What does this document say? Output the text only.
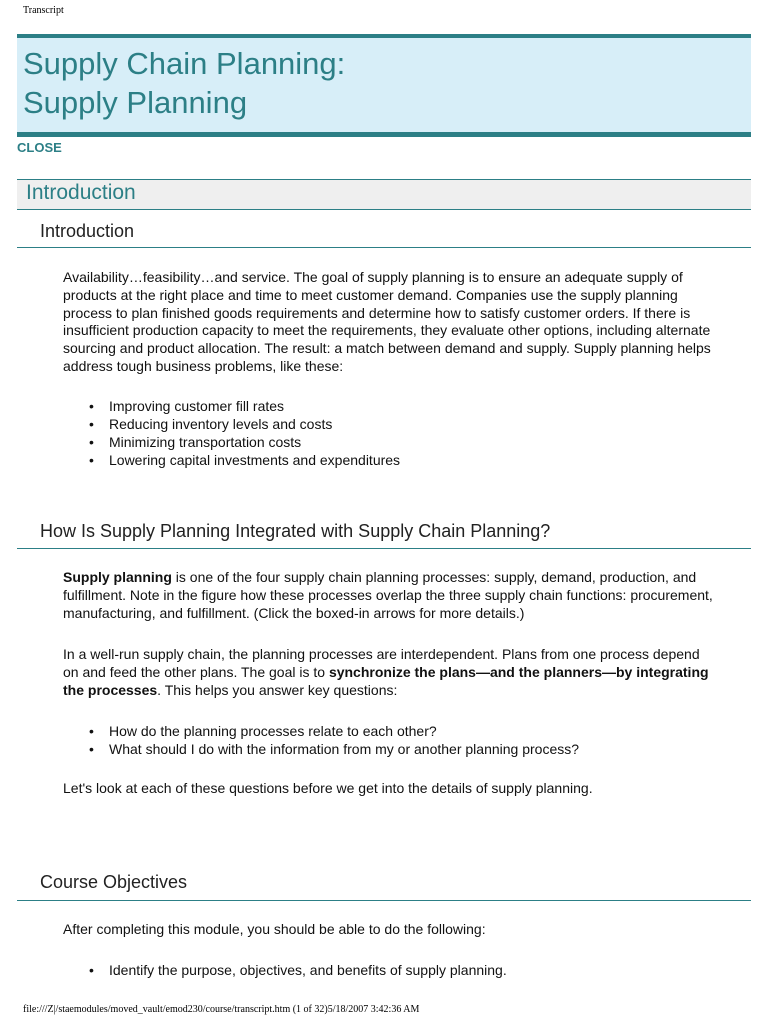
Transcript
Supply Chain Planning:
Supply Planning
CLOSE
Introduction
Introduction

Availability…feasibility…and service. The goal of supply planning is to ensure an adequate supply of products at the right place and time to meet customer demand. Companies use the supply planning process to plan finished goods requirements and determine how to satisfy customer orders. If there is insufficient production capacity to meet the requirements, they evaluate other options, including alternate sourcing and product allocation. The result: a match between demand and supply. Supply planning helps address tough business problems, like these:

• Improving customer fill rates
• Reducing inventory levels and costs
• Minimizing transportation costs
• Lowering capital investments and expenditures
How Is Supply Planning Integrated with Supply Chain Planning?

Supply planning is one of the four supply chain planning processes: supply, demand, production, and fulfillment. Note in the figure how these processes overlap the three supply chain functions: procurement, manufacturing, and fulfillment. (Click the boxed-in arrows for more details.)

In a well-run supply chain, the planning processes are interdependent. Plans from one process depend on and feed the other plans. The goal is to synchronize the plans—and the planners—by integrating the processes. This helps you answer key questions:

• How do the planning processes relate to each other?
• What should I do with the information from my or another planning process?

Let's look at each of these questions before we get into the details of supply planning.

Course Objectives

After completing this module, you should be able to do the following:

• Identify the purpose, objectives, and benefits of supply planning.
file:///Z|/staemodules/moved_vault/emod230/course/transcript.htm (1 of 32)5/18/2007 3:42:36 AM
